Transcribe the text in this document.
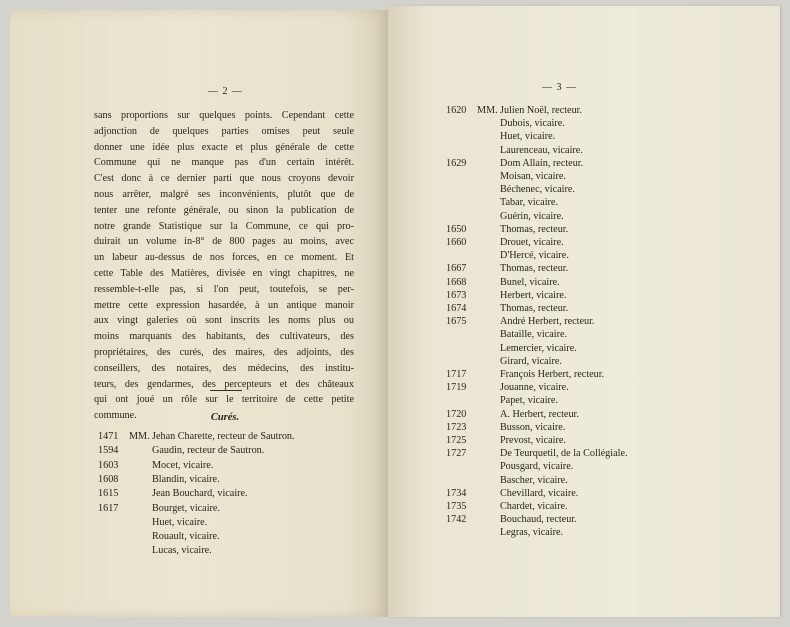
— 2 —
sans proportions sur quelques points. Cependant cette
adjonction de quelques parties omises peut seule
donner une idée plus exacte et plus générale de cette
Commune qui ne manque pas d'un certain intérêt.
C'est donc à ce dernier parti que nous croyons devoir
nous arrêter, malgré ses inconvénients, plutôt que de
tenter une refonte générale, ou sinon la publication de
notre grande Statistique sur la Commune, ce qui pro-
duirait un volume in-8° de 800 pages au moins, avec
un labeur au-dessus de nos forces, en ce moment. Et
cette Table des Matières, divisée en vingt chapitres, ne
ressemble-t-elle pas, si l'on peut, toutefois, se per-
mettre cette expression hasardée, à un antique manoir
aux vingt galeries où sont inscrits les noms plus ou
moins marquants des habitants, des cultivateurs, des
propriétaires, des curés, des maires, des adjoints, des
conseillers, des notaires, des médecins, des institu-
teurs, des gendarmes, des percepteurs et des châteaux
qui ont joué un rôle sur le territoire de cette petite
commune.	Curés.
1471	MM. Jehan Charette, recteur de Sautron.
1594	Gaudin, recteur de Sautron.
1603	Mocet, vicaire.
1608	Blandin, vicaire.
1615	Jean Bouchard, vicaire.
1617	Bourget, vicaire.
Huet, vicaire.
Rouault, vicaire.
Lucas, vicaire.
— 3 —
1620	MM. Julien Noël, recteur.
Dubois, vicaire.
Huet, vicaire.
Laurenceau, vicaire.
1629	Dom Allain, recteur.
Moisan, vicaire.
Béchenec, vicaire.
Tabar, vicaire.
Guérin, vicaire.
1650	Thomas, recteur.
1660	Drouet, vicaire.
D'Hercé, vicaire.
1667	Thomas, recteur.
1668	Bunel, vicaire.
1673	Herbert, vicaire.
1674	Thomas, recteur.
1675	André Herbert, recteur.
Bataille, vicaire.
Lemercier, vicaire.
Girard, vicaire.
1717	François Herbert, recteur.
1719	Jouanne, vicaire.
Papet, vicaire.
1720	A. Herbert, recteur.
1723	Busson, vicaire.
1725	Prevost, vicaire.
1727	De Teurquetil, de la Collégiale.
Pousgard, vicaire.
Bascher, vicaire.
1734	Chevillard, vicaire.
1735	Chardet, vicaire.
1742	Bouchaud, recteur.
Legras, vicaire.
